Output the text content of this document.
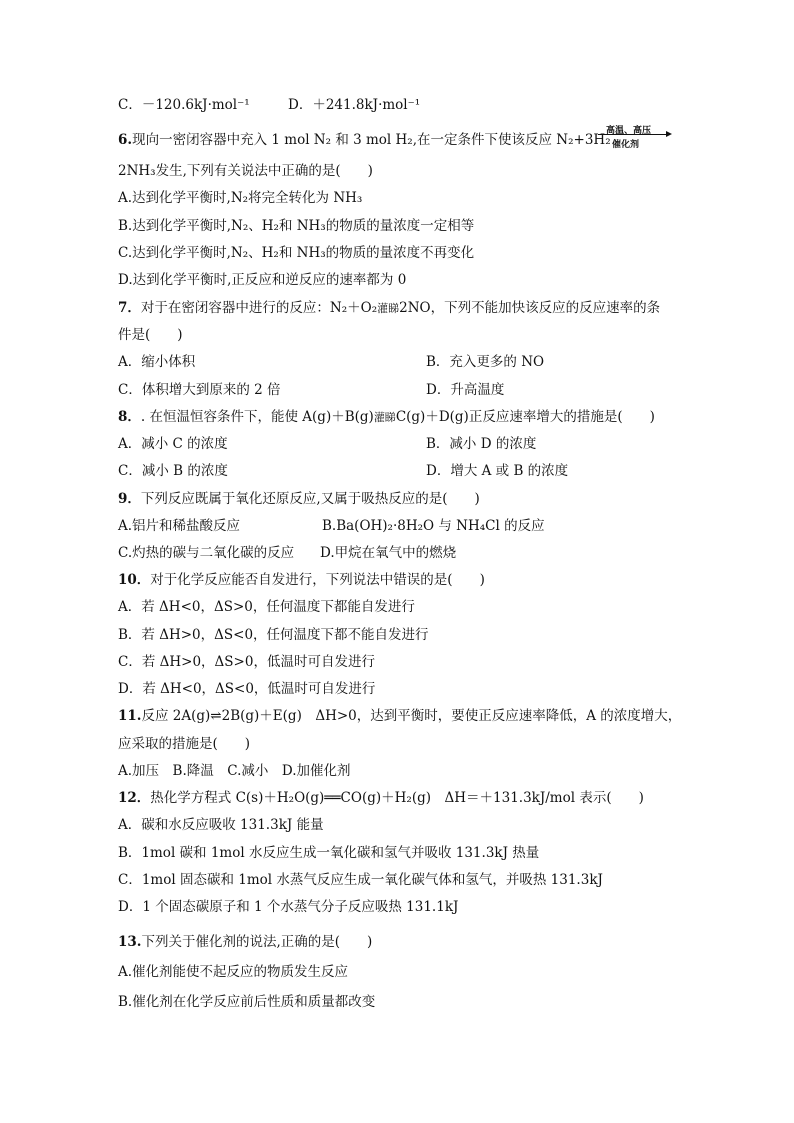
C．－120.6kJ·mol⁻¹	D．＋241.8kJ·mol⁻¹
6.现向一密闭容器中充入 1 mol N₂ 和 3 mol H₂,在一定条件下使该反应 N₂+3H₂
高温、高压
催化剂
2NH₃发生,下列有关说法中正确的是(　　)
A.达到化学平衡时,N₂将完全转化为 NH₃
B.达到化学平衡时,N₂、H₂和 NH₃的物质的量浓度一定相等
C.达到化学平衡时,N₂、H₂和 NH₃的物质的量浓度不再变化
D.达到化学平衡时,正反应和逆反应的速率都为 0
7．对于在密闭容器中进行的反应：N₂＋O₂灌睇2NO，下列不能加快该反应的反应速率的条
件是(　　)
A．缩小体积	B．充入更多的 NO
C．体积增大到原来的 2 倍	D．升高温度
8．. 在恒温恒容条件下，能使 A(g)＋B(g)灌睇C(g)＋D(g)正反应速率增大的措施是(　　)
A．减小 C 的浓度	B．减小 D 的浓度
C．减小 B 的浓度	D．增大 A 或 B 的浓度
9．下列反应既属于氧化还原反应,又属于吸热反应的是(　　)
A.铝片和稀盐酸反应	B.Ba(OH)₂·8H₂O 与 NH₄Cl 的反应
C.灼热的碳与二氧化碳的反应 D.甲烷在氧气中的燃烧
10．对于化学反应能否自发进行，下列说法中错误的是(　　)
A．若 ΔH<0，ΔS>0，任何温度下都能自发进行
B．若 ΔH>0，ΔS<0，任何温度下都不能自发进行
C．若 ΔH>0，ΔS>0，低温时可自发进行
D．若 ΔH<0，ΔS<0，低温时可自发进行
11.反应 2A(g)⇌2B(g)＋E(g)　ΔH>0，达到平衡时，要使正反应速率降低，A 的浓度增大，
应采取的措施是(　　)
A.加压　B.降温　C.减小　D.加催化剂
12．热化学方程式 C(s)＋H₂O(g)══CO(g)＋H₂(g)　ΔH＝＋131.3kJ/mol 表示(　　)
A．碳和水反应吸收 131.3kJ 能量
B．1mol 碳和 1mol 水反应生成一氧化碳和氢气并吸收 131.3kJ 热量
C．1mol 固态碳和 1mol 水蒸气反应生成一氧化碳气体和氢气，并吸热 131.3kJ
D．1 个固态碳原子和 1 个水蒸气分子反应吸热 131.1kJ
13.下列关于催化剂的说法,正确的是(　　)
A.催化剂能使不起反应的物质发生反应
B.催化剂在化学反应前后性质和质量都改变
